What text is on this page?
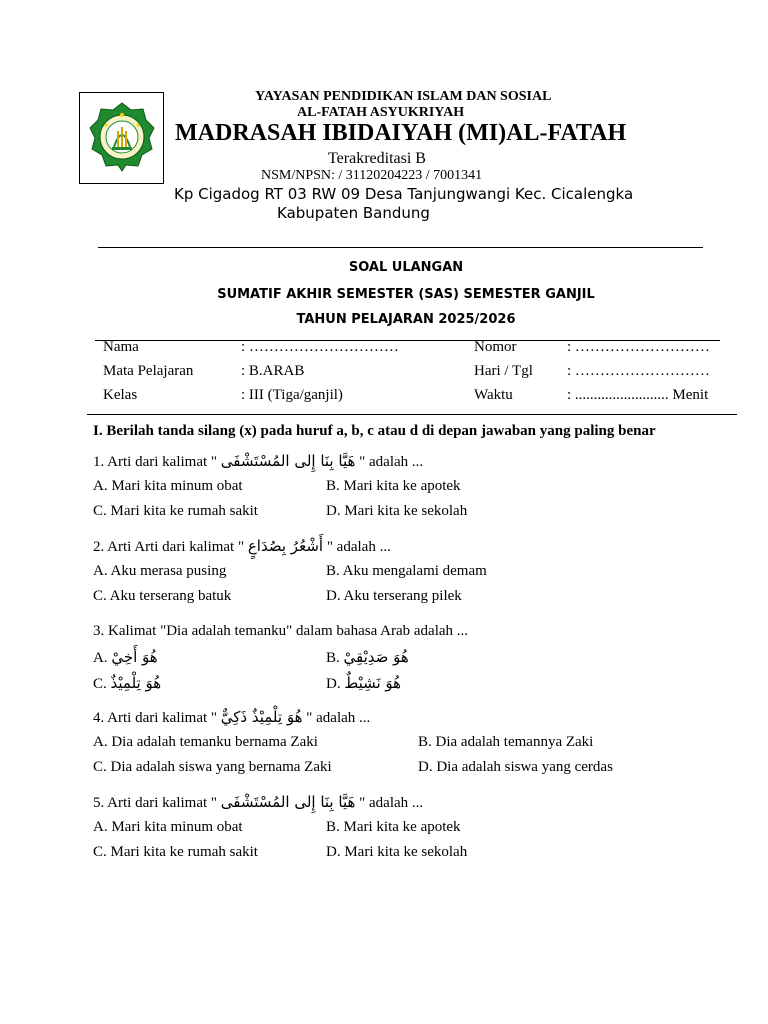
YAYASAN PENDIDIKAN ISLAM DAN SOSIAL
AL-FATAH ASYUKRIYAH
MADRASAH IBIDAIYAH (MI)AL-FATAH
Terakreditasi B
NSM/NPSN: / 31120204223 / 7001341
Kp Cigadog RT 03 RW 09 Desa Tanjungwangi Kec. Cicalengka
Kabupaten Bandung
SOAL ULANGAN
SUMATIF AKHIR SEMESTER (SAS) SEMESTER GANJIL
TAHUN PELAJARAN 2025/2026
Nama	: …………………………	Nomor	: ………………………
Mata Pelajaran	: B.ARAB	Hari / Tgl : ………………………
Kelas	: III (Tiga/ganjil)	Waktu	: ......................... Menit
I. Berilah tanda silang (x) pada huruf a, b, c atau d di depan jawaban yang paling benar
1. Arti dari kalimat " هَيَّا بِنَا إِلى المُسْتَشْفَى " adalah ...
A. Mari kita minum obat	B. Mari kita ke apotek
C. Mari kita ke rumah sakit	D. Mari kita ke sekolah
2. Arti Arti dari kalimat " أَشْعُرُ بِصُدَاعٍ " adalah ...
A. Aku merasa pusing	B. Aku mengalami demam
C. Aku terserang batuk	D. Aku terserang pilek
3. Kalimat "Dia adalah temanku" dalam bahasa Arab adalah ...
A. هُوَ أَخِيْ	B. هُوَ صَدِيْقِيْ
C. هُوَ تِلْمِيْذٌ	D. هُوَ نَشِيْطٌ
4. Arti dari kalimat " هُوَ تِلْمِيْذٌ ذَكِيٌّ " adalah ...
A. Dia adalah temanku bernama Zaki	B. Dia adalah temannya Zaki
C. Dia adalah siswa yang bernama Zaki	D. Dia adalah siswa yang cerdas
5. Arti dari kalimat " هَيَّا بِنَا إِلى المُسْتَشْفَى " adalah ...
A. Mari kita minum obat	B. Mari kita ke apotek
C. Mari kita ke rumah sakit	D. Mari kita ke sekolah
